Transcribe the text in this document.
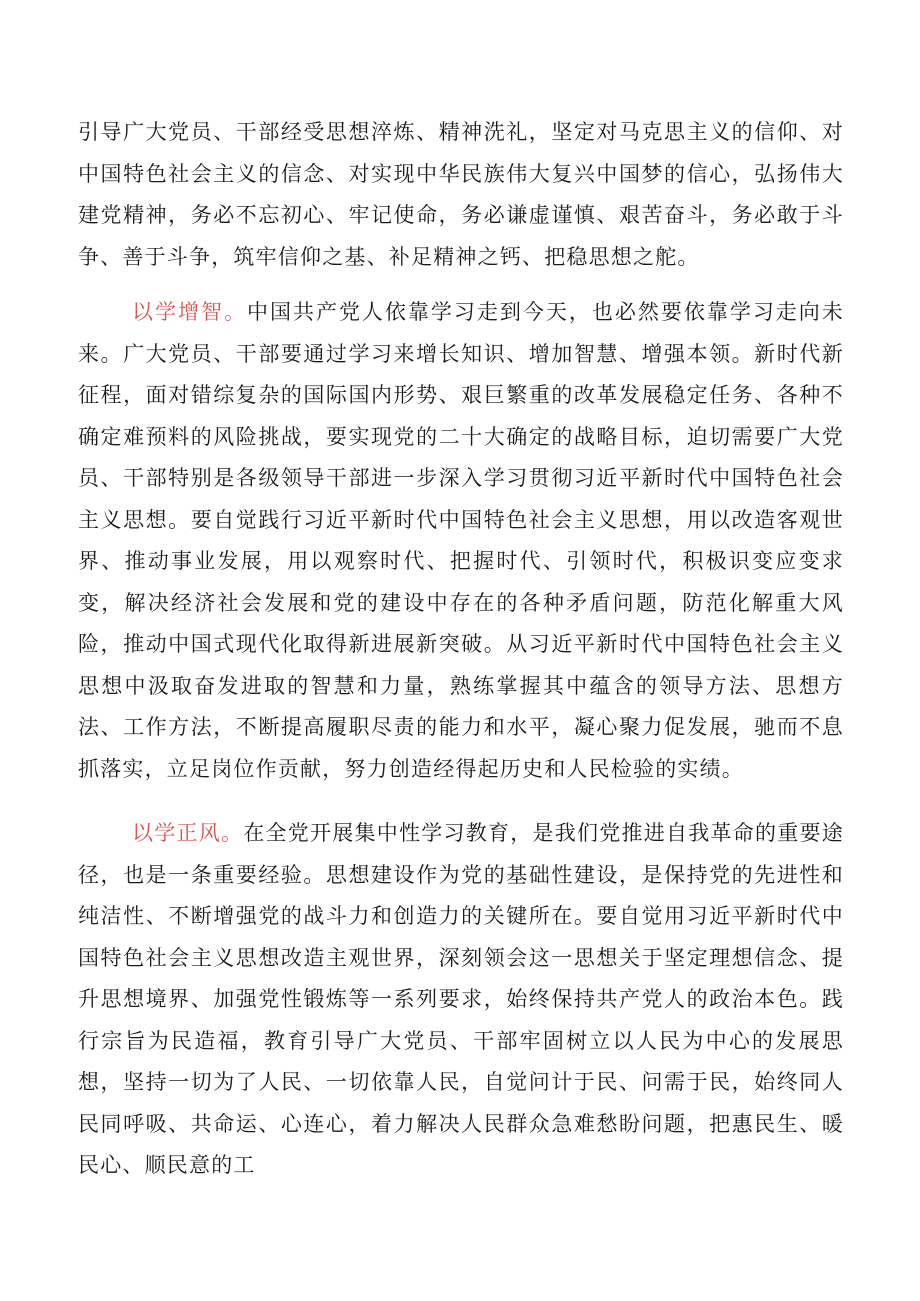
引导广大党员、干部经受思想淬炼、精神洗礼，坚定对马克思主义的信仰、对中国特色社会主义的信念、对实现中华民族伟大复兴中国梦的信心，弘扬伟大建党精神，务必不忘初心、牢记使命，务必谦虚谨慎、艰苦奋斗，务必敢于斗争、善于斗争，筑牢信仰之基、补足精神之钙、把稳思想之舵。

以学增智。中国共产党人依靠学习走到今天，也必然要依靠学习走向未来。广大党员、干部要通过学习来增长知识、增加智慧、增强本领。新时代新征程，面对错综复杂的国际国内形势、艰巨繁重的改革发展稳定任务、各种不确定难预料的风险挑战，要实现党的二十大确定的战略目标，迫切需要广大党员、干部特别是各级领导干部进一步深入学习贯彻习近平新时代中国特色社会主义思想。要自觉践行习近平新时代中国特色社会主义思想，用以改造客观世界、推动事业发展，用以观察时代、把握时代、引领时代，积极识变应变求变，解决经济社会发展和党的建设中存在的各种矛盾问题，防范化解重大风险，推动中国式现代化取得新进展新突破。从习近平新时代中国特色社会主义思想中汲取奋发进取的智慧和力量，熟练掌握其中蕴含的领导方法、思想方法、工作方法，不断提高履职尽责的能力和水平，凝心聚力促发展，驰而不息抓落实，立足岗位作贡献，努力创造经得起历史和人民检验的实绩。

以学正风。在全党开展集中性学习教育，是我们党推进自我革命的重要途径，也是一条重要经验。思想建设作为党的基础性建设，是保持党的先进性和纯洁性、不断增强党的战斗力和创造力的关键所在。要自觉用习近平新时代中国特色社会主义思想改造主观世界，深刻领会这一思想关于坚定理想信念、提升思想境界、加强党性锻炼等一系列要求，始终保持共产党人的政治本色。践行宗旨为民造福，教育引导广大党员、干部牢固树立以人民为中心的发展思想，坚持一切为了人民、一切依靠人民，自觉问计于民、问需于民，始终同人民同呼吸、共命运、心连心，着力解决人民群众急难愁盼问题，把惠民生、暖民心、顺民意的工
